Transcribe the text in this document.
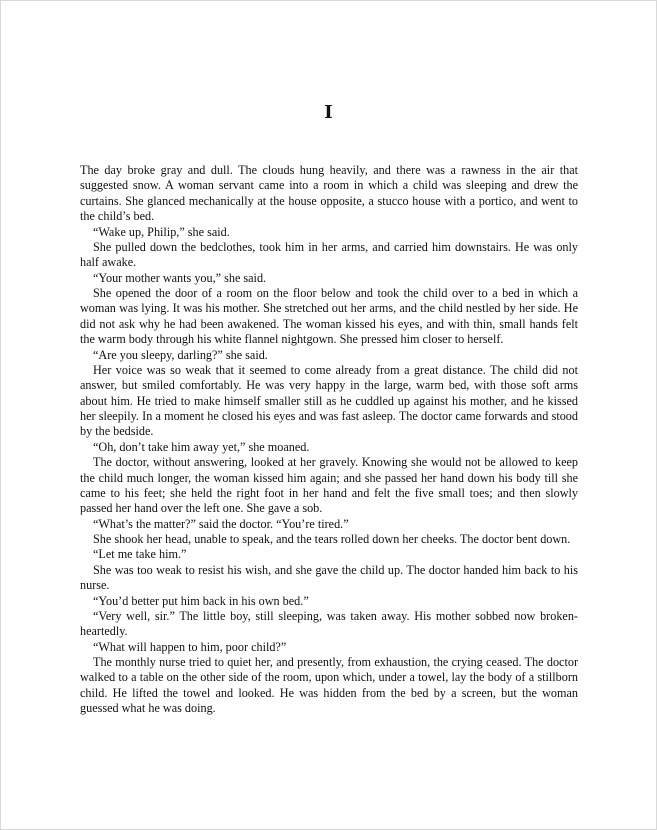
I

The day broke gray and dull. The clouds hung heavily, and there was a rawness in the air that suggested snow. A woman servant came into a room in which a child was sleeping and drew the curtains. She glanced mechanically at the house opposite, a stucco house with a portico, and went to the child’s bed.

“Wake up, Philip,” she said.

She pulled down the bedclothes, took him in her arms, and carried him downstairs. He was only half awake.

“Your mother wants you,” she said.

She opened the door of a room on the floor below and took the child over to a bed in which a woman was lying. It was his mother. She stretched out her arms, and the child nestled by her side. He did not ask why he had been awakened. The woman kissed his eyes, and with thin, small hands felt the warm body through his white flannel nightgown. She pressed him closer to herself.

“Are you sleepy, darling?” she said.

Her voice was so weak that it seemed to come already from a great distance. The child did not answer, but smiled comfortably. He was very happy in the large, warm bed, with those soft arms about him. He tried to make himself smaller still as he cuddled up against his mother, and he kissed her sleepily. In a moment he closed his eyes and was fast asleep. The doctor came forwards and stood by the bedside.

“Oh, don’t take him away yet,” she moaned.

The doctor, without answering, looked at her gravely. Knowing she would not be allowed to keep the child much longer, the woman kissed him again; and she passed her hand down his body till she came to his feet; she held the right foot in her hand and felt the five small toes; and then slowly passed her hand over the left one. She gave a sob.

“What’s the matter?” said the doctor. “You’re tired.”

She shook her head, unable to speak, and the tears rolled down her cheeks. The doctor bent down.

“Let me take him.”

She was too weak to resist his wish, and she gave the child up. The doctor handed him back to his nurse.

“You’d better put him back in his own bed.”

“Very well, sir.” The little boy, still sleeping, was taken away. His mother sobbed now broken-heartedly.

“What will happen to him, poor child?”

The monthly nurse tried to quiet her, and presently, from exhaustion, the crying ceased. The doctor walked to a table on the other side of the room, upon which, under a towel, lay the body of a stillborn child. He lifted the towel and looked. He was hidden from the bed by a screen, but the woman guessed what he was doing.
